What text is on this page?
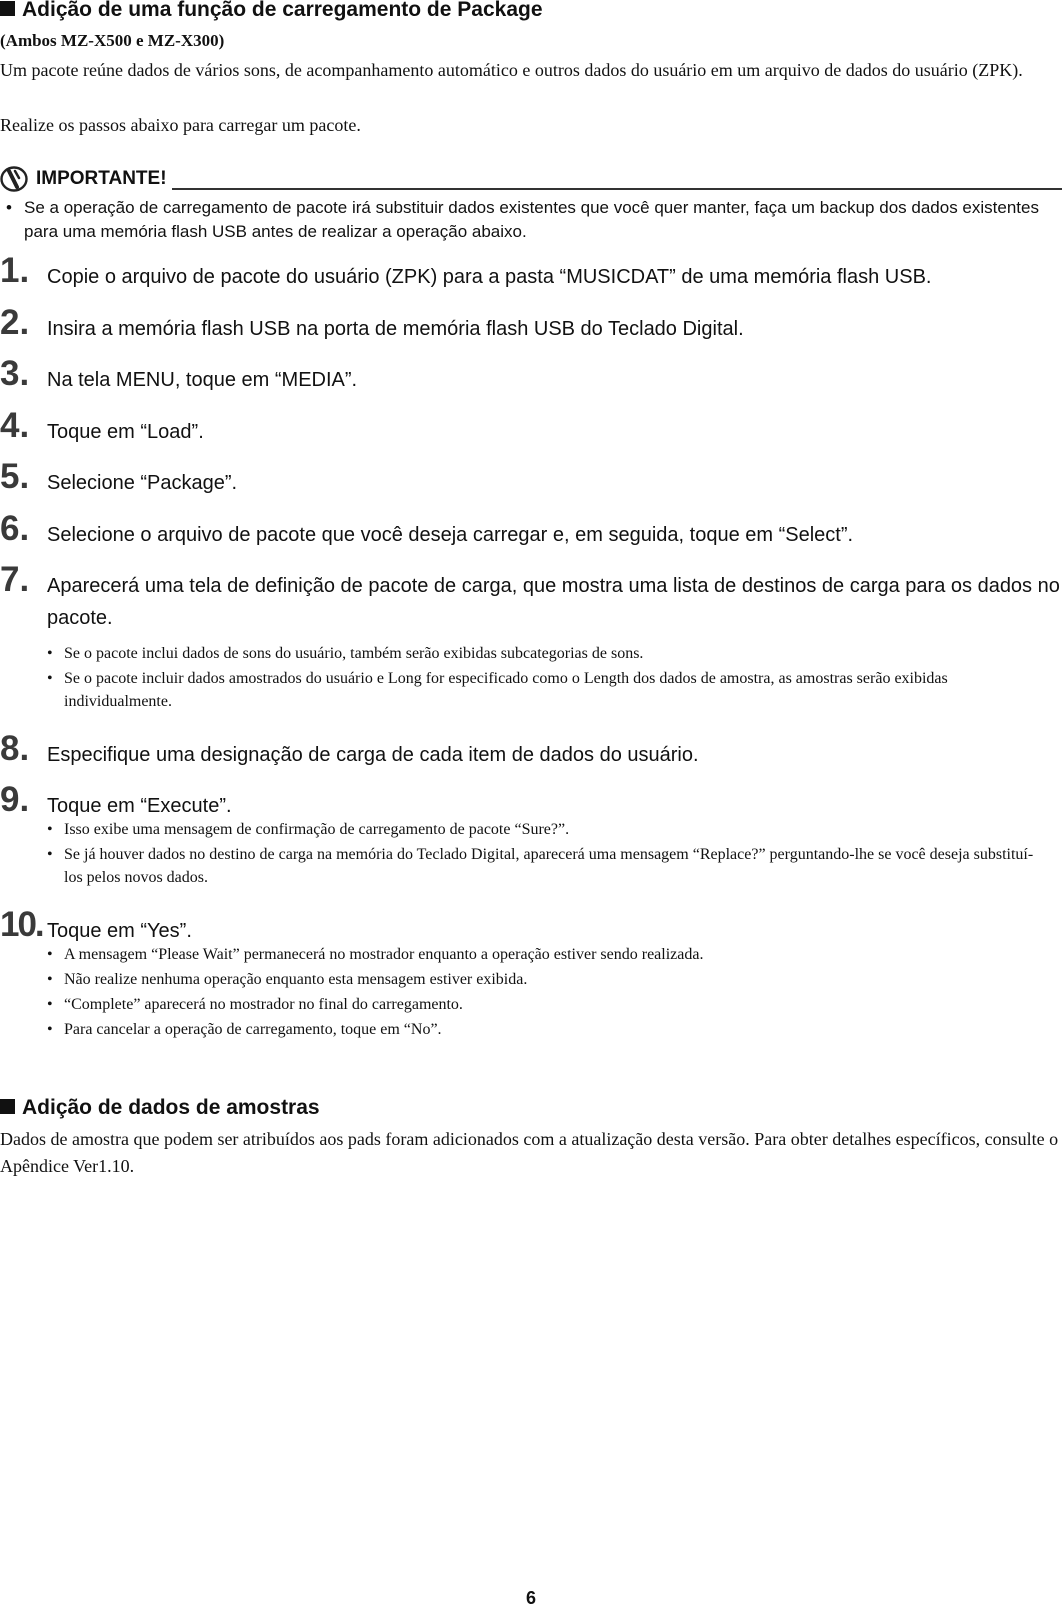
Adição de uma função de carregamento de Package
(Ambos MZ-X500 e MZ-X300)
Um pacote reúne dados de vários sons, de acompanhamento automático e outros dados do usuário em um arquivo de dados do usuário (ZPK).
Realize os passos abaixo para carregar um pacote.
IMPORTANTE!
• Se a operação de carregamento de pacote irá substituir dados existentes que você quer manter, faça um backup dos dados existentes para uma memória flash USB antes de realizar a operação abaixo.
1. Copie o arquivo de pacote do usuário (ZPK) para a pasta “MUSICDAT” de uma memória flash USB.
2. Insira a memória flash USB na porta de memória flash USB do Teclado Digital.
3. Na tela MENU, toque em “MEDIA”.
4. Toque em “Load”.
5. Selecione “Package”.
6. Selecione o arquivo de pacote que você deseja carregar e, em seguida, toque em “Select”.
7. Aparecerá uma tela de definição de pacote de carga, que mostra uma lista de destinos de carga para os dados no pacote.
• Se o pacote inclui dados de sons do usuário, também serão exibidas subcategorias de sons.
• Se o pacote incluir dados amostrados do usuário e Long for especificado como o Length dos dados de amostra, as amostras serão exibidas individualmente.
8. Especifique uma designação de carga de cada item de dados do usuário.
9. Toque em “Execute”.
• Isso exibe uma mensagem de confirmação de carregamento de pacote “Sure?”.
• Se já houver dados no destino de carga na memória do Teclado Digital, aparecerá uma mensagem “Replace?” perguntando-lhe se você deseja substituí-los pelos novos dados.
10. Toque em “Yes”.
• A mensagem “Please Wait” permanecerá no mostrador enquanto a operação estiver sendo realizada.
• Não realize nenhuma operação enquanto esta mensagem estiver exibida.
• “Complete” aparecerá no mostrador no final do carregamento.
• Para cancelar a operação de carregamento, toque em “No”.
Adição de dados de amostras
Dados de amostra que podem ser atribuídos aos pads foram adicionados com a atualização desta versão. Para obter detalhes específicos, consulte o Apêndice Ver1.10.
6
